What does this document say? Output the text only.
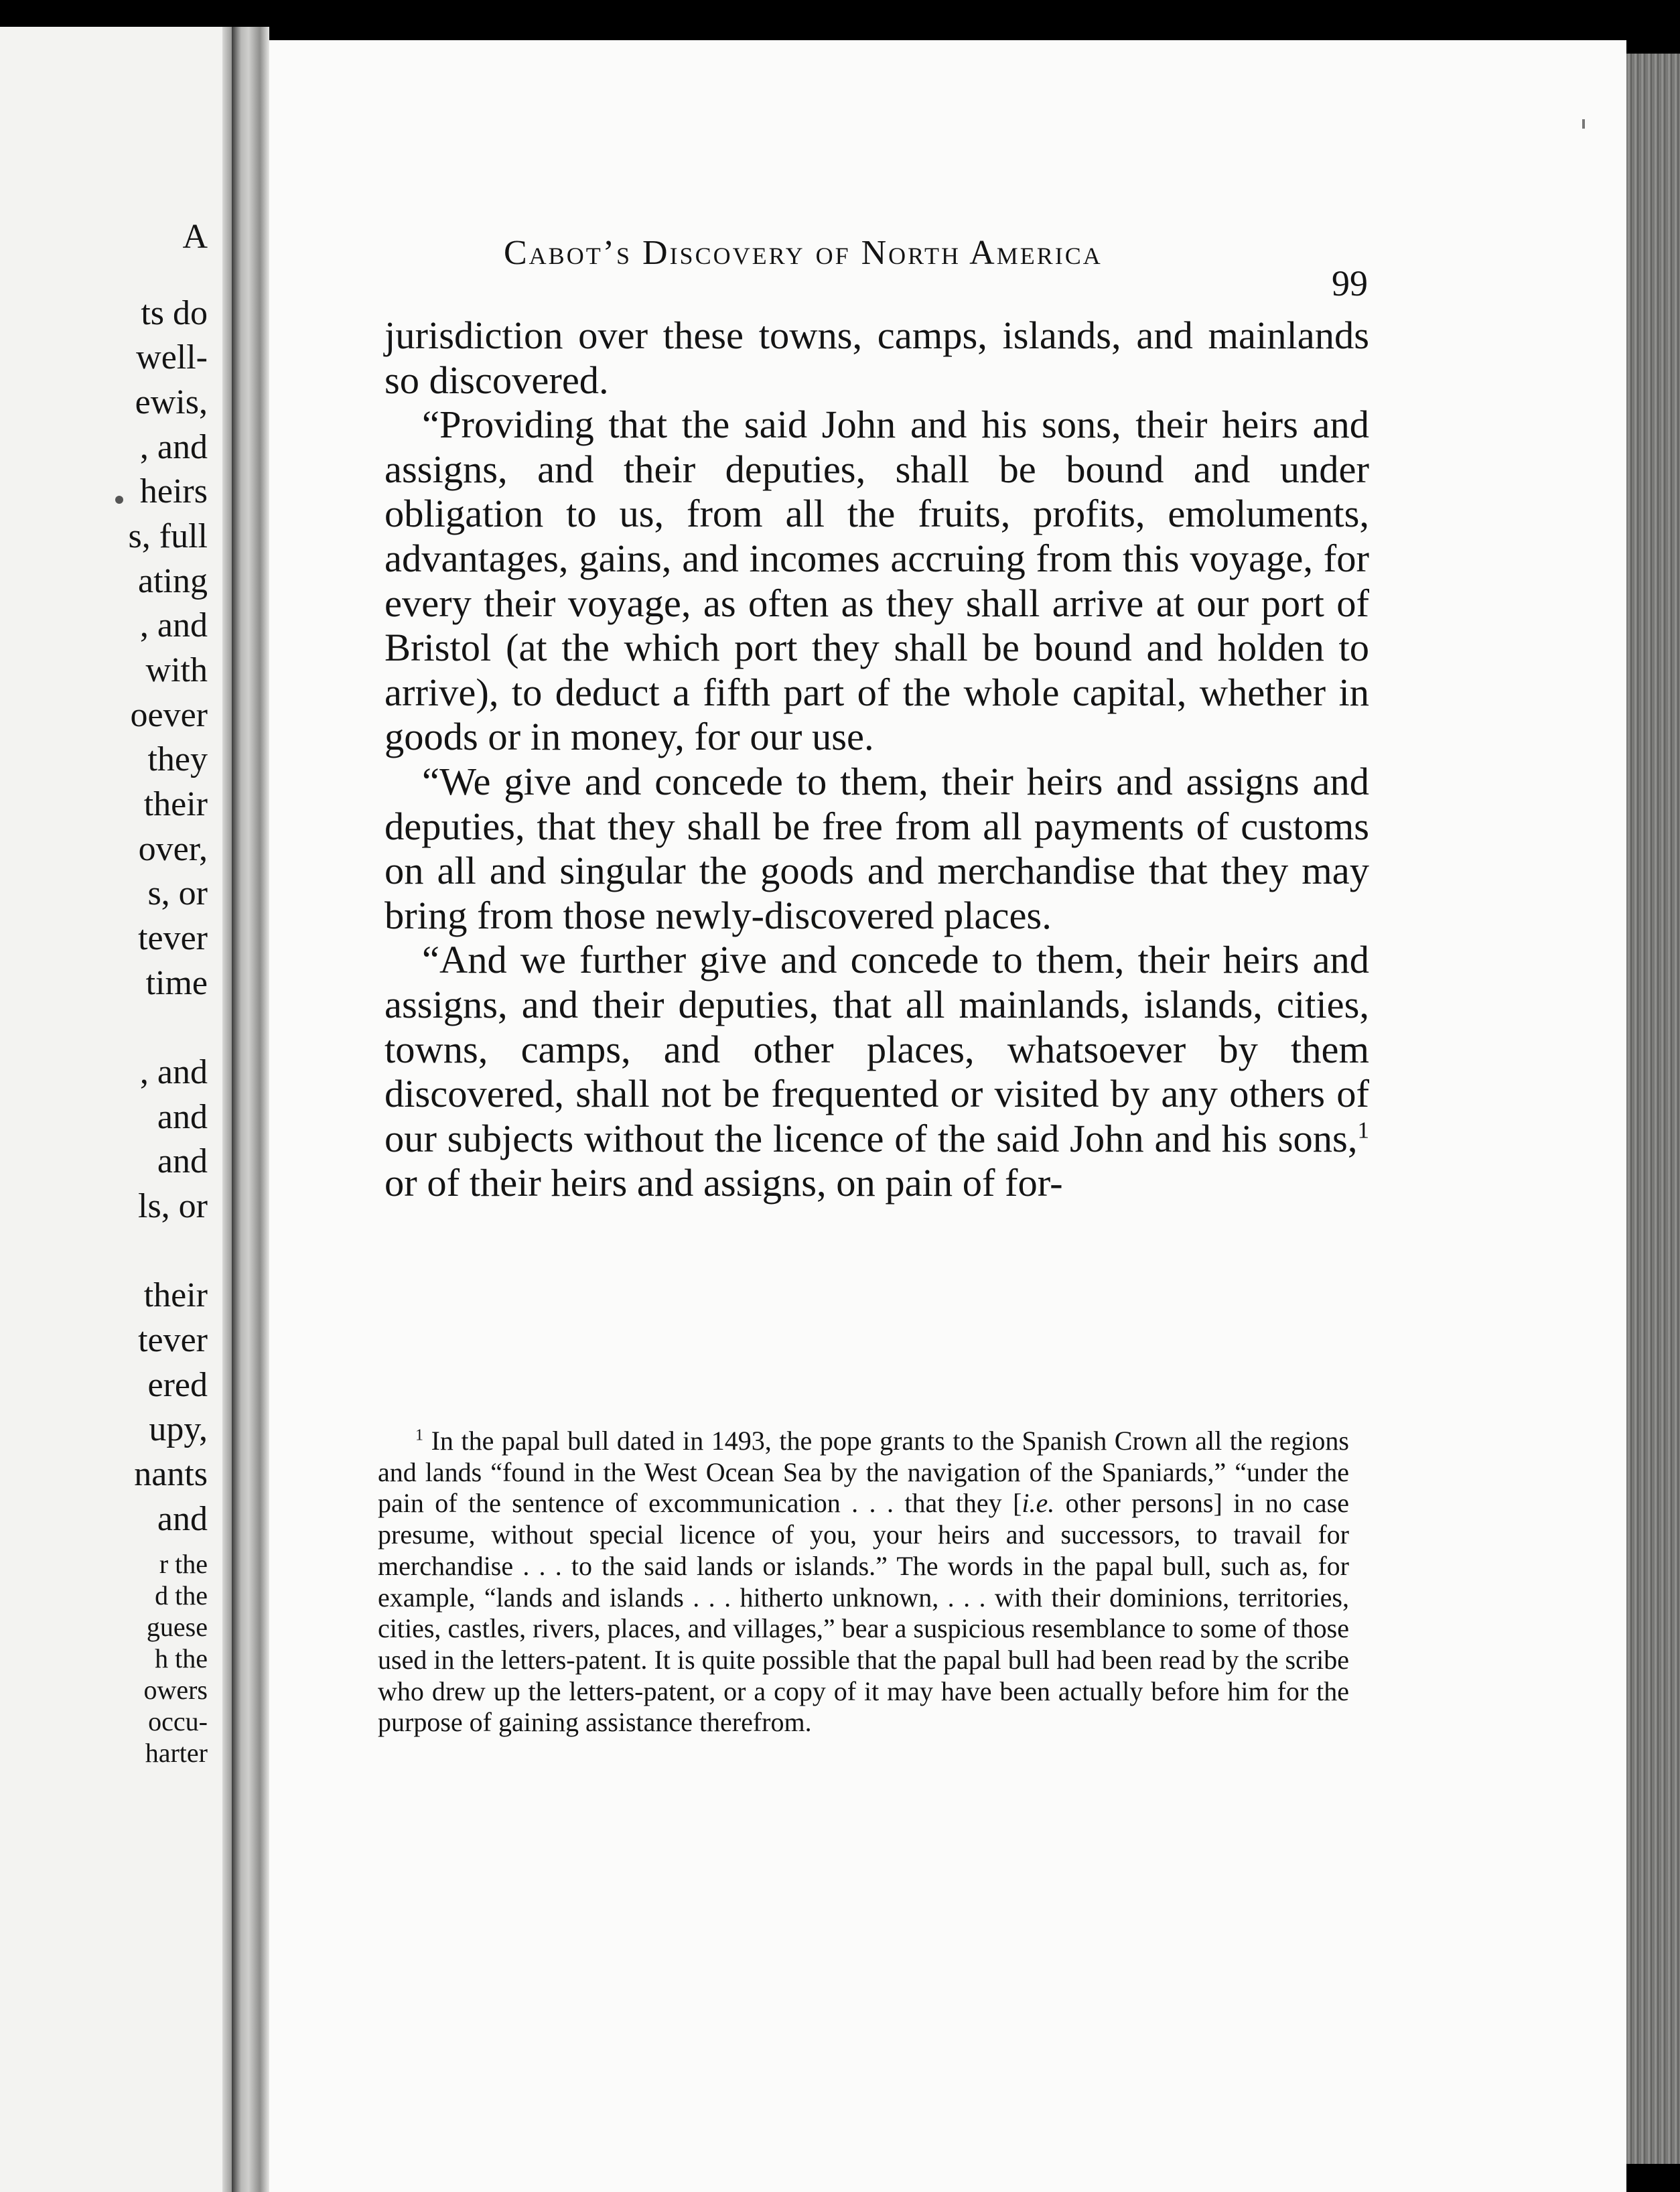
A
ts do
well-
ewis,
, and
heirs
s, full
ating
, and
with
oever
they
their
over,
s, or
tever
time
, and
and
and
ls, or
their
tever
ered
upy,
nants
and
r the
d the
guese
h the
owers
occu-
harter
Cabot’s Discovery of North America
99

jurisdiction over these towns, camps, islands, and mainlands so discovered.

“Providing that the said John and his sons, their heirs and assigns, and their deputies, shall be bound and under obligation to us, from all the fruits, profits, emoluments, advantages, gains, and incomes accruing from this voyage, for every their voyage, as often as they shall arrive at our port of Bristol (at the which port they shall be bound and holden to arrive), to deduct a fifth part of the whole capital, whether in goods or in money, for our use.

“We give and concede to them, their heirs and assigns and deputies, that they shall be free from all payments of customs on all and singular the goods and merchandise that they may bring from those newly-discovered places.

“And we further give and concede to them, their heirs and assigns, and their deputies, that all mainlands, islands, cities, towns, camps, and other places, whatsoever by them discovered, shall not be frequented or visited by any others of our subjects without the licence of the said John and his sons,$^1$ or of their heirs and assigns, on pain of for-

$^1$ In the papal bull dated in 1493, the pope grants to the Spanish Crown all the regions and lands “found in the West Ocean Sea by the navigation of the Spaniards,” “under the pain of the sentence of excommunication . . . that they [i.e. other persons] in no case presume, without special licence of you, your heirs and successors, to travail for merchandise . . . to the said lands or islands.” The words in the papal bull, such as, for example, “lands and islands . . . hitherto unknown, . . . with their dominions, territories, cities, castles, rivers, places, and villages,” bear a suspicious resemblance to some of those used in the letters-patent. It is quite possible that the papal bull had been read by the scribe who drew up the letters-patent, or a copy of it may have been actually before him for the purpose of gaining assistance therefrom.
